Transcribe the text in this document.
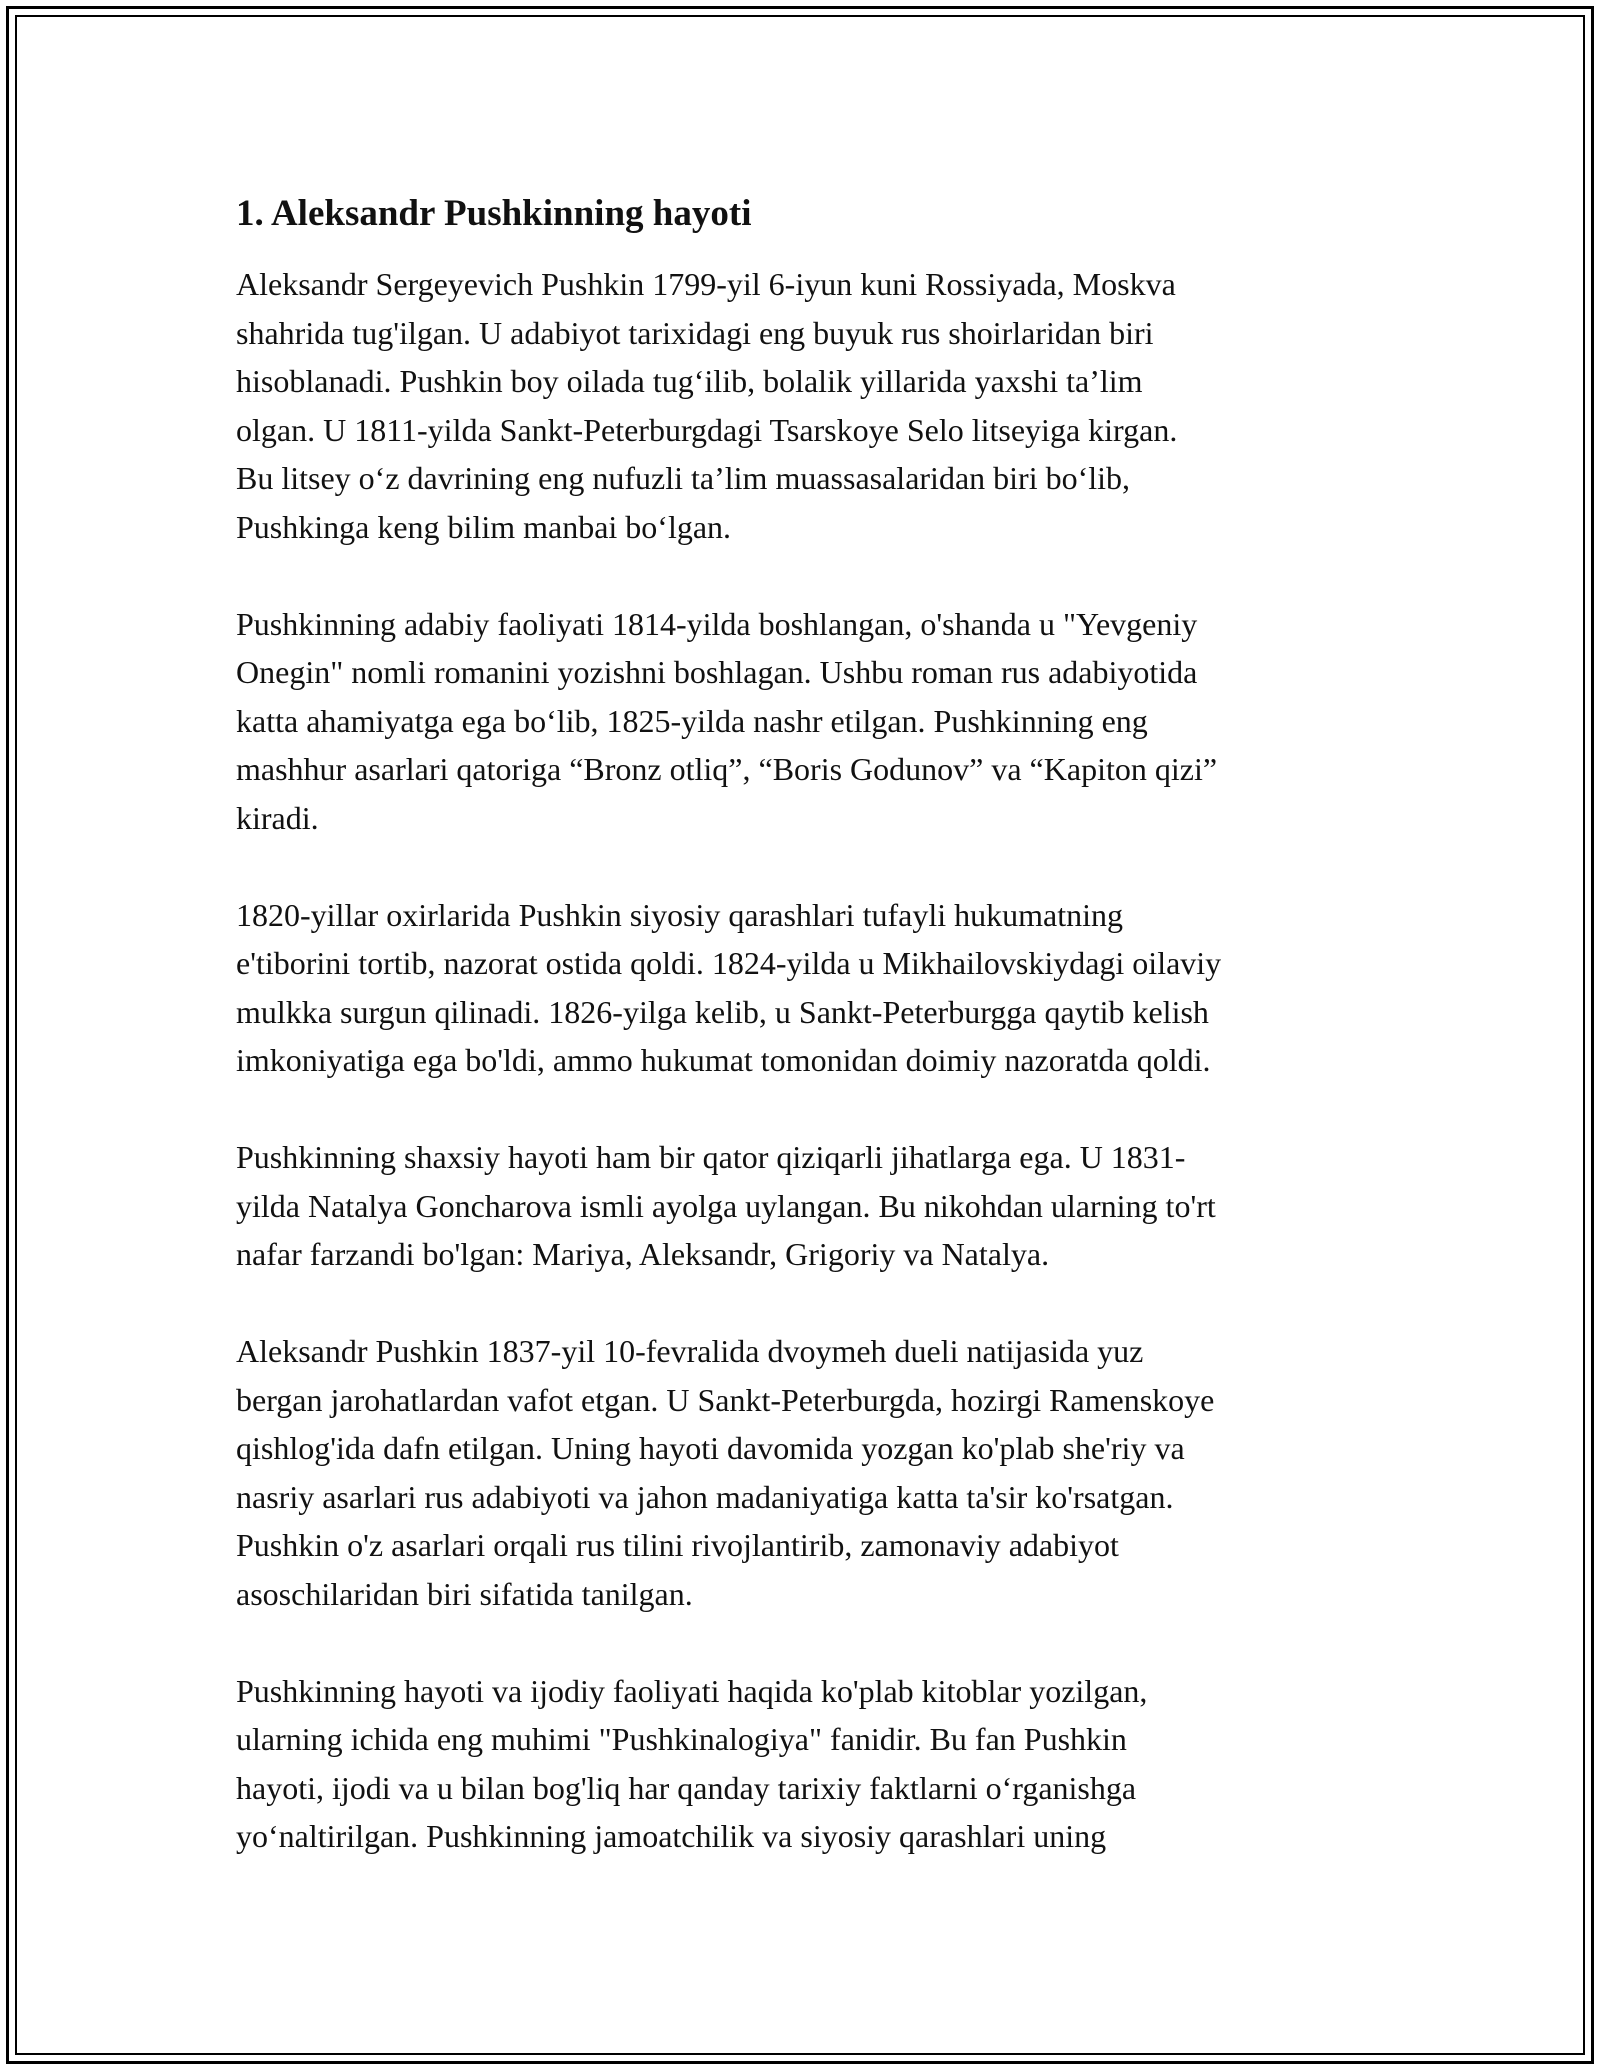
1. Aleksandr Pushkinning hayoti

Aleksandr Sergeyevich Pushkin 1799-yil 6-iyun kuni Rossiyada, Moskva
shahrida tug'ilgan. U adabiyot tarixidagi eng buyuk rus shoirlaridan biri
hisoblanadi. Pushkin boy oilada tug‘ilib, bolalik yillarida yaxshi ta’lim
olgan. U 1811-yilda Sankt-Peterburgdagi Tsarskoye Selo litseyiga kirgan.
Bu litsey o‘z davrining eng nufuzli ta’lim muassasalaridan biri bo‘lib,
Pushkinga keng bilim manbai bo‘lgan.

Pushkinning adabiy faoliyati 1814-yilda boshlangan, o'shanda u "Yevgeniy
Onegin" nomli romanini yozishni boshlagan. Ushbu roman rus adabiyotida
katta ahamiyatga ega bo‘lib, 1825-yilda nashr etilgan. Pushkinning eng
mashhur asarlari qatoriga “Bronz otliq”, “Boris Godunov” va “Kapiton qizi”
kiradi.

1820-yillar oxirlarida Pushkin siyosiy qarashlari tufayli hukumatning
e'tiborini tortib, nazorat ostida qoldi. 1824-yilda u Mikhailovskiydagi oilaviy
mulkka surgun qilinadi. 1826-yilga kelib, u Sankt-Peterburgga qaytib kelish
imkoniyatiga ega bo'ldi, ammo hukumat tomonidan doimiy nazoratda qoldi.

Pushkinning shaxsiy hayoti ham bir qator qiziqarli jihatlarga ega. U 1831-
yilda Natalya Goncharova ismli ayolga uylangan. Bu nikohdan ularning to'rt
nafar farzandi bo'lgan: Mariya, Aleksandr, Grigoriy va Natalya.

Aleksandr Pushkin 1837-yil 10-fevralida dvoymeh dueli natijasida yuz
bergan jarohatlardan vafot etgan. U Sankt-Peterburgda, hozirgi Ramenskoye
qishlog'ida dafn etilgan. Uning hayoti davomida yozgan ko'plab she'riy va
nasriy asarlari rus adabiyoti va jahon madaniyatiga katta ta'sir ko'rsatgan.
Pushkin o'z asarlari orqali rus tilini rivojlantirib, zamonaviy adabiyot
asoschilaridan biri sifatida tanilgan.

Pushkinning hayoti va ijodiy faoliyati haqida ko'plab kitoblar yozilgan,
ularning ichida eng muhimi "Pushkinalogiya" fanidir. Bu fan Pushkin
hayoti, ijodi va u bilan bog'liq har qanday tarixiy faktlarni o‘rganishga
yo‘naltirilgan. Pushkinning jamoatchilik va siyosiy qarashlari uning
